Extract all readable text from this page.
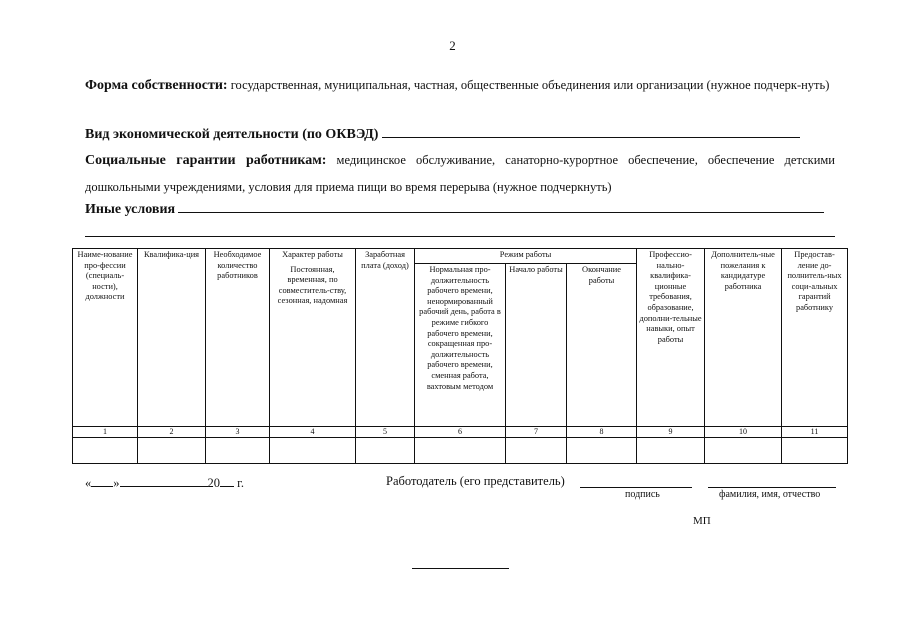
2
Форма собственности: государственная, муниципальная, частная, общественные объединения или организации (нужное подчерк-нуть)
Вид экономической деятельности (по ОКВЭД)
Социальные гарантии работникам: медицинское обслуживание, санаторно-курортное обеспечение, обеспечение детскими дошкольными учреждениями, условия для приема пищи во время перерыва (нужное подчеркнуть)
Иные условия
Наиме-нование про-фессии (специаль-ности), должности	Квалифика-ция	Необходимое количество работников	Характер работы	Заработная плата (доход)	Режим работы			Профессио-нально-квалифика-ционные требования, образование, дополни-тельные навыки, опыт работы	Дополнитель-ные пожелания к кандидатуре работника	Предостав-ление до-полнитель-ных соци-альных гарантий работнику
			Постоянная, временная, по совместитель-ству, сезонная, надомная		Нормальная про-должительность рабочего времени, ненормированный рабочий день, работа в режиме гибкого рабочего времени, сокращенная про-должительность рабочего времени, сменная работа, вахтовым методом	Начало работы	Окончание работы			
1	2	3	4	5	6	7	8	9	10	11

« »	20 г.	Работодатель (его представитель)
подпись	фамилия, имя, отчество
МП
